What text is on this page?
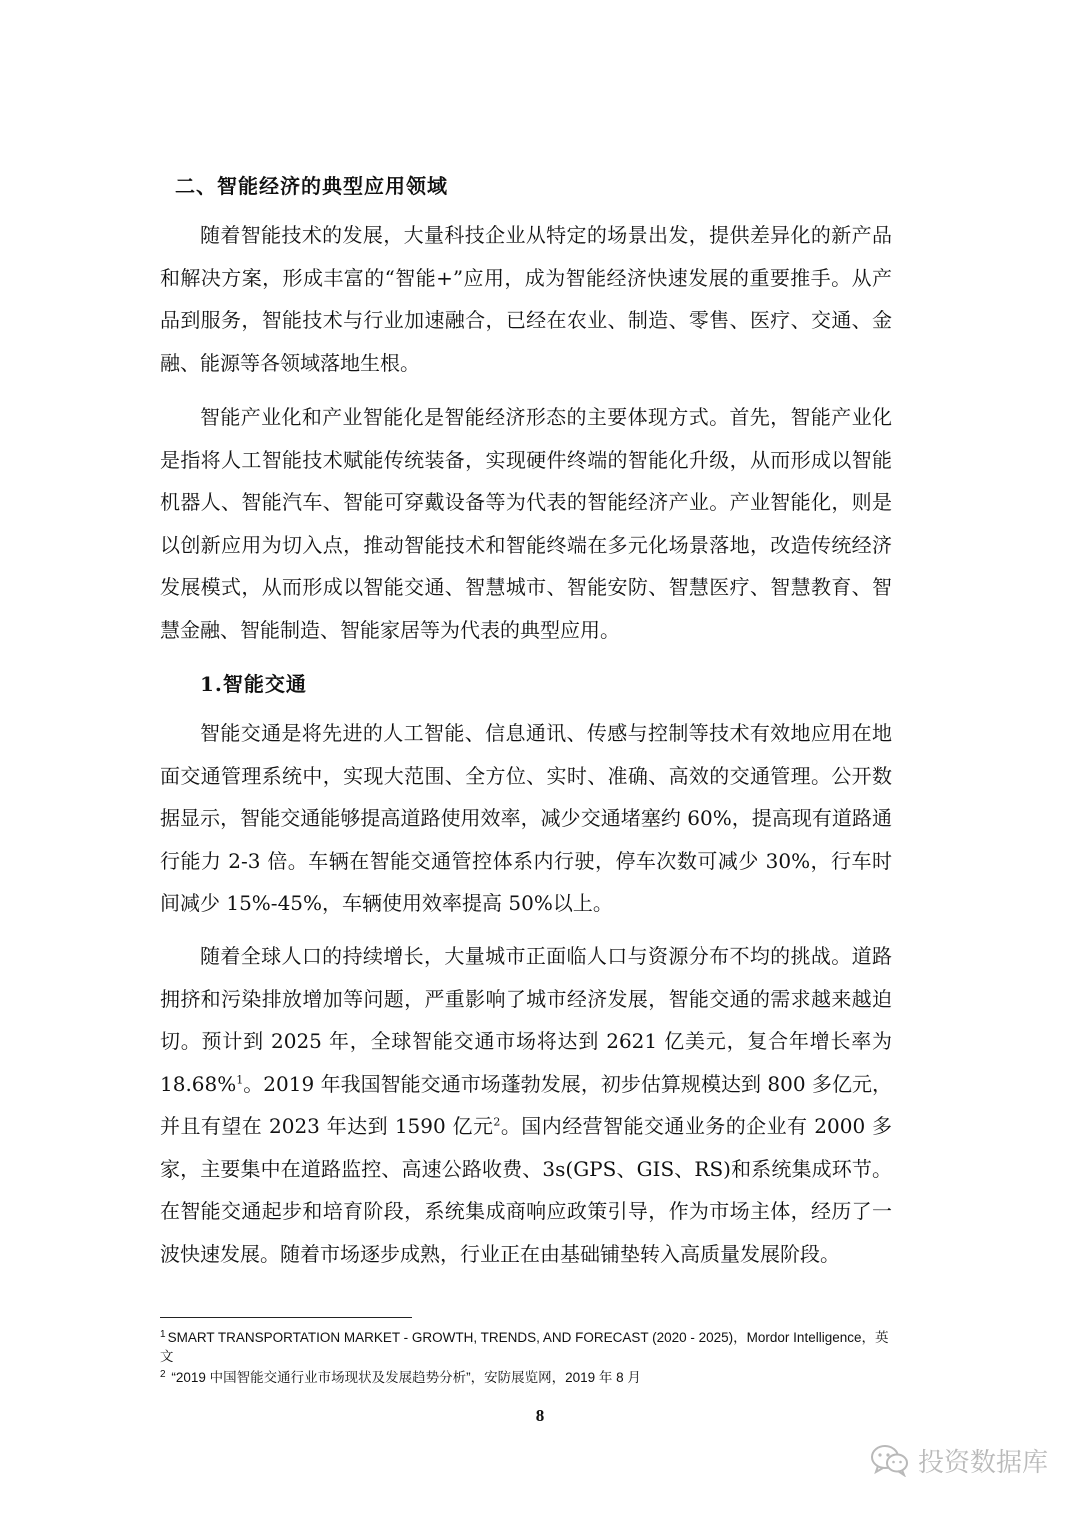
二、智能经济的典型应用领域

随着智能技术的发展，大量科技企业从特定的场景出发，提供差异化的新产品和解决方案，形成丰富的“智能+”应用，成为智能经济快速发展的重要推手。从产品到服务，智能技术与行业加速融合，已经在农业、制造、零售、医疗、交通、金融、能源等各领域落地生根。

智能产业化和产业智能化是智能经济形态的主要体现方式。首先，智能产业化是指将人工智能技术赋能传统装备，实现硬件终端的智能化升级，从而形成以智能机器人、智能汽车、智能可穿戴设备等为代表的智能经济产业。产业智能化，则是以创新应用为切入点，推动智能技术和智能终端在多元化场景落地，改造传统经济发展模式，从而形成以智能交通、智慧城市、智能安防、智慧医疗、智慧教育、智慧金融、智能制造、智能家居等为代表的典型应用。

1.智能交通

智能交通是将先进的人工智能、信息通讯、传感与控制等技术有效地应用在地面交通管理系统中，实现大范围、全方位、实时、准确、高效的交通管理。公开数据显示，智能交通能够提高道路使用效率，减少交通堵塞约 60%，提高现有道路通行能力 2-3 倍。车辆在智能交通管控体系内行驶，停车次数可减少 30%，行车时间减少 15%-45%，车辆使用效率提高 50%以上。

随着全球人口的持续增长，大量城市正面临人口与资源分布不均的挑战。道路拥挤和污染排放增加等问题，严重影响了城市经济发展，智能交通的需求越来越迫切。预计到 2025 年，全球智能交通市场将达到 2621 亿美元，复合年增长率为 18.68%$^1$。2019 年我国智能交通市场蓬勃发展，初步估算规模达到 800 多亿元，并且有望在 2023 年达到 1590 亿元$^2$。国内经营智能交通业务的企业有 2000 多家，主要集中在道路监控、高速公路收费、3s(GPS、GIS、RS)和系统集成环节。在智能交通起步和培育阶段，系统集成商响应政策引导，作为市场主体，经历了一波快速发展。随着市场逐步成熟，行业正在由基础铺垫转入高质量发展阶段。

$^1$ SMART TRANSPORTATION MARKET - GROWTH, TRENDS, AND FORECAST (2020 - 2025)，Mordor Intelligence，英文
$^2$ “2019 中国智能交通行业市场现状及发展趋势分析”，安防展览网，2019 年 8 月
8
投资数据库
